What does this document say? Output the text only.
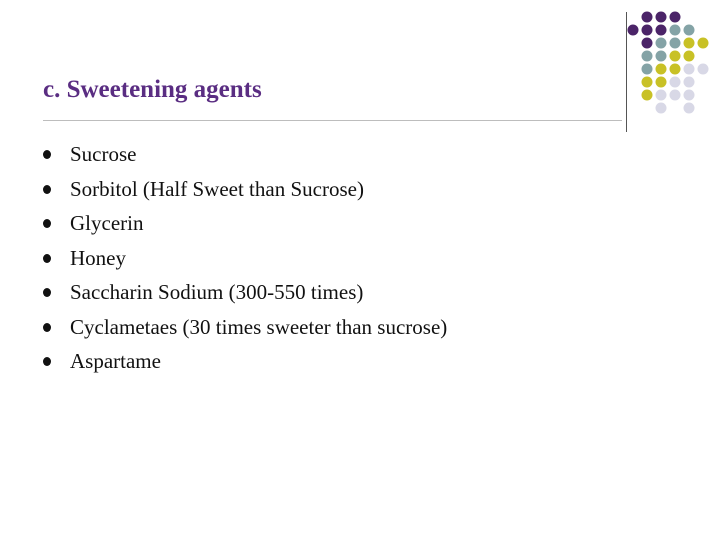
c. Sweetening agents
Sucrose
Sorbitol (Half Sweet than Sucrose)
Glycerin
Honey
Saccharin Sodium (300-550 times)
Cyclametaes (30 times sweeter than sucrose)
Aspartame
